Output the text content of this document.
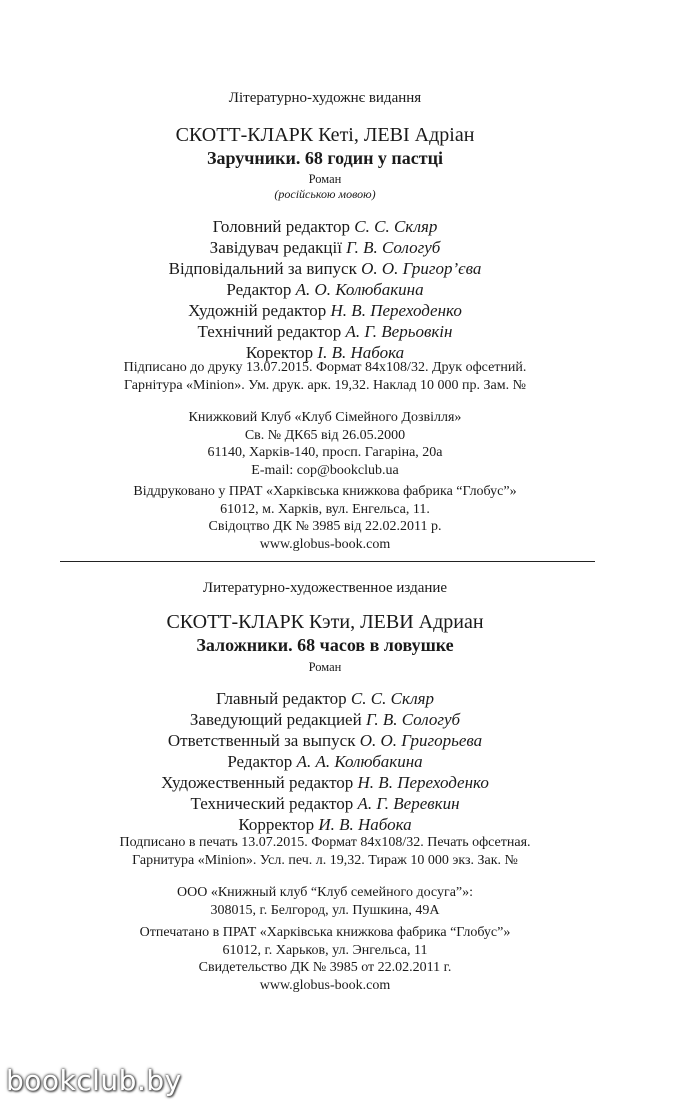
Літературно-художнє видання
СКОТТ-КЛАРК Кеті, ЛЕВІ Адріан
Заручники. 68 годин у пастці
Роман
(російською мовою)
Головний редактор С. С. Скляр
Завідувач редакції Г. В. Сологуб
Відповідальний за випуск О. О. Григор’єва
Редактор А. О. Колюбакина
Художній редактор Н. В. Переходенко
Технічний редактор А. Г. Верьовкін
Коректор І. В. Набока
Підписано до друку 13.07.2015. Формат 84х108/32. Друк офсетний.
Гарнітура «Minion». Ум. друк. арк. 19,32. Наклад 10 000 пр. Зам. №
Книжковий Клуб «Клуб Сімейного Дозвілля»
Св. № ДК65 від 26.05.2000
61140, Харків-140, просп. Гагаріна, 20а
E-mail: cop@bookclub.ua
Віддруковано у ПРАТ «Харківська книжкова фабрика “Глобус”»
61012, м. Харків, вул. Енгельса, 11.
Свідоцтво ДК № 3985 від 22.02.2011 р.
www.globus-book.com
Литературно-художественное издание
СКОТТ-КЛАРК Кэти, ЛЕВИ Адриан
Заложники. 68 часов в ловушке
Роман
Главный редактор С. С. Скляр
Заведующий редакцией Г. В. Сологуб
Ответственный за выпуск О. О. Григорьева
Редактор А. А. Колюбакина
Художественный редактор Н. В. Переходенко
Технический редактор А. Г. Веревкин
Корректор И. В. Набока
Подписано в печать 13.07.2015. Формат 84х108/32. Печать офсетная.
Гарнитура «Minion». Усл. печ. л. 19,32. Тираж 10 000 экз. Зак. №
ООО «Книжный клуб “Клуб семейного досуга”»:
308015, г. Белгород, ул. Пушкина, 49А
Отпечатано в ПРАТ «Харківська книжкова фабрика “Глобус”»
61012, г. Харьков, ул. Энгельса, 11
Свидетельство ДК № 3985 от 22.02.2011 г.
www.globus-book.com
bookclub.by
